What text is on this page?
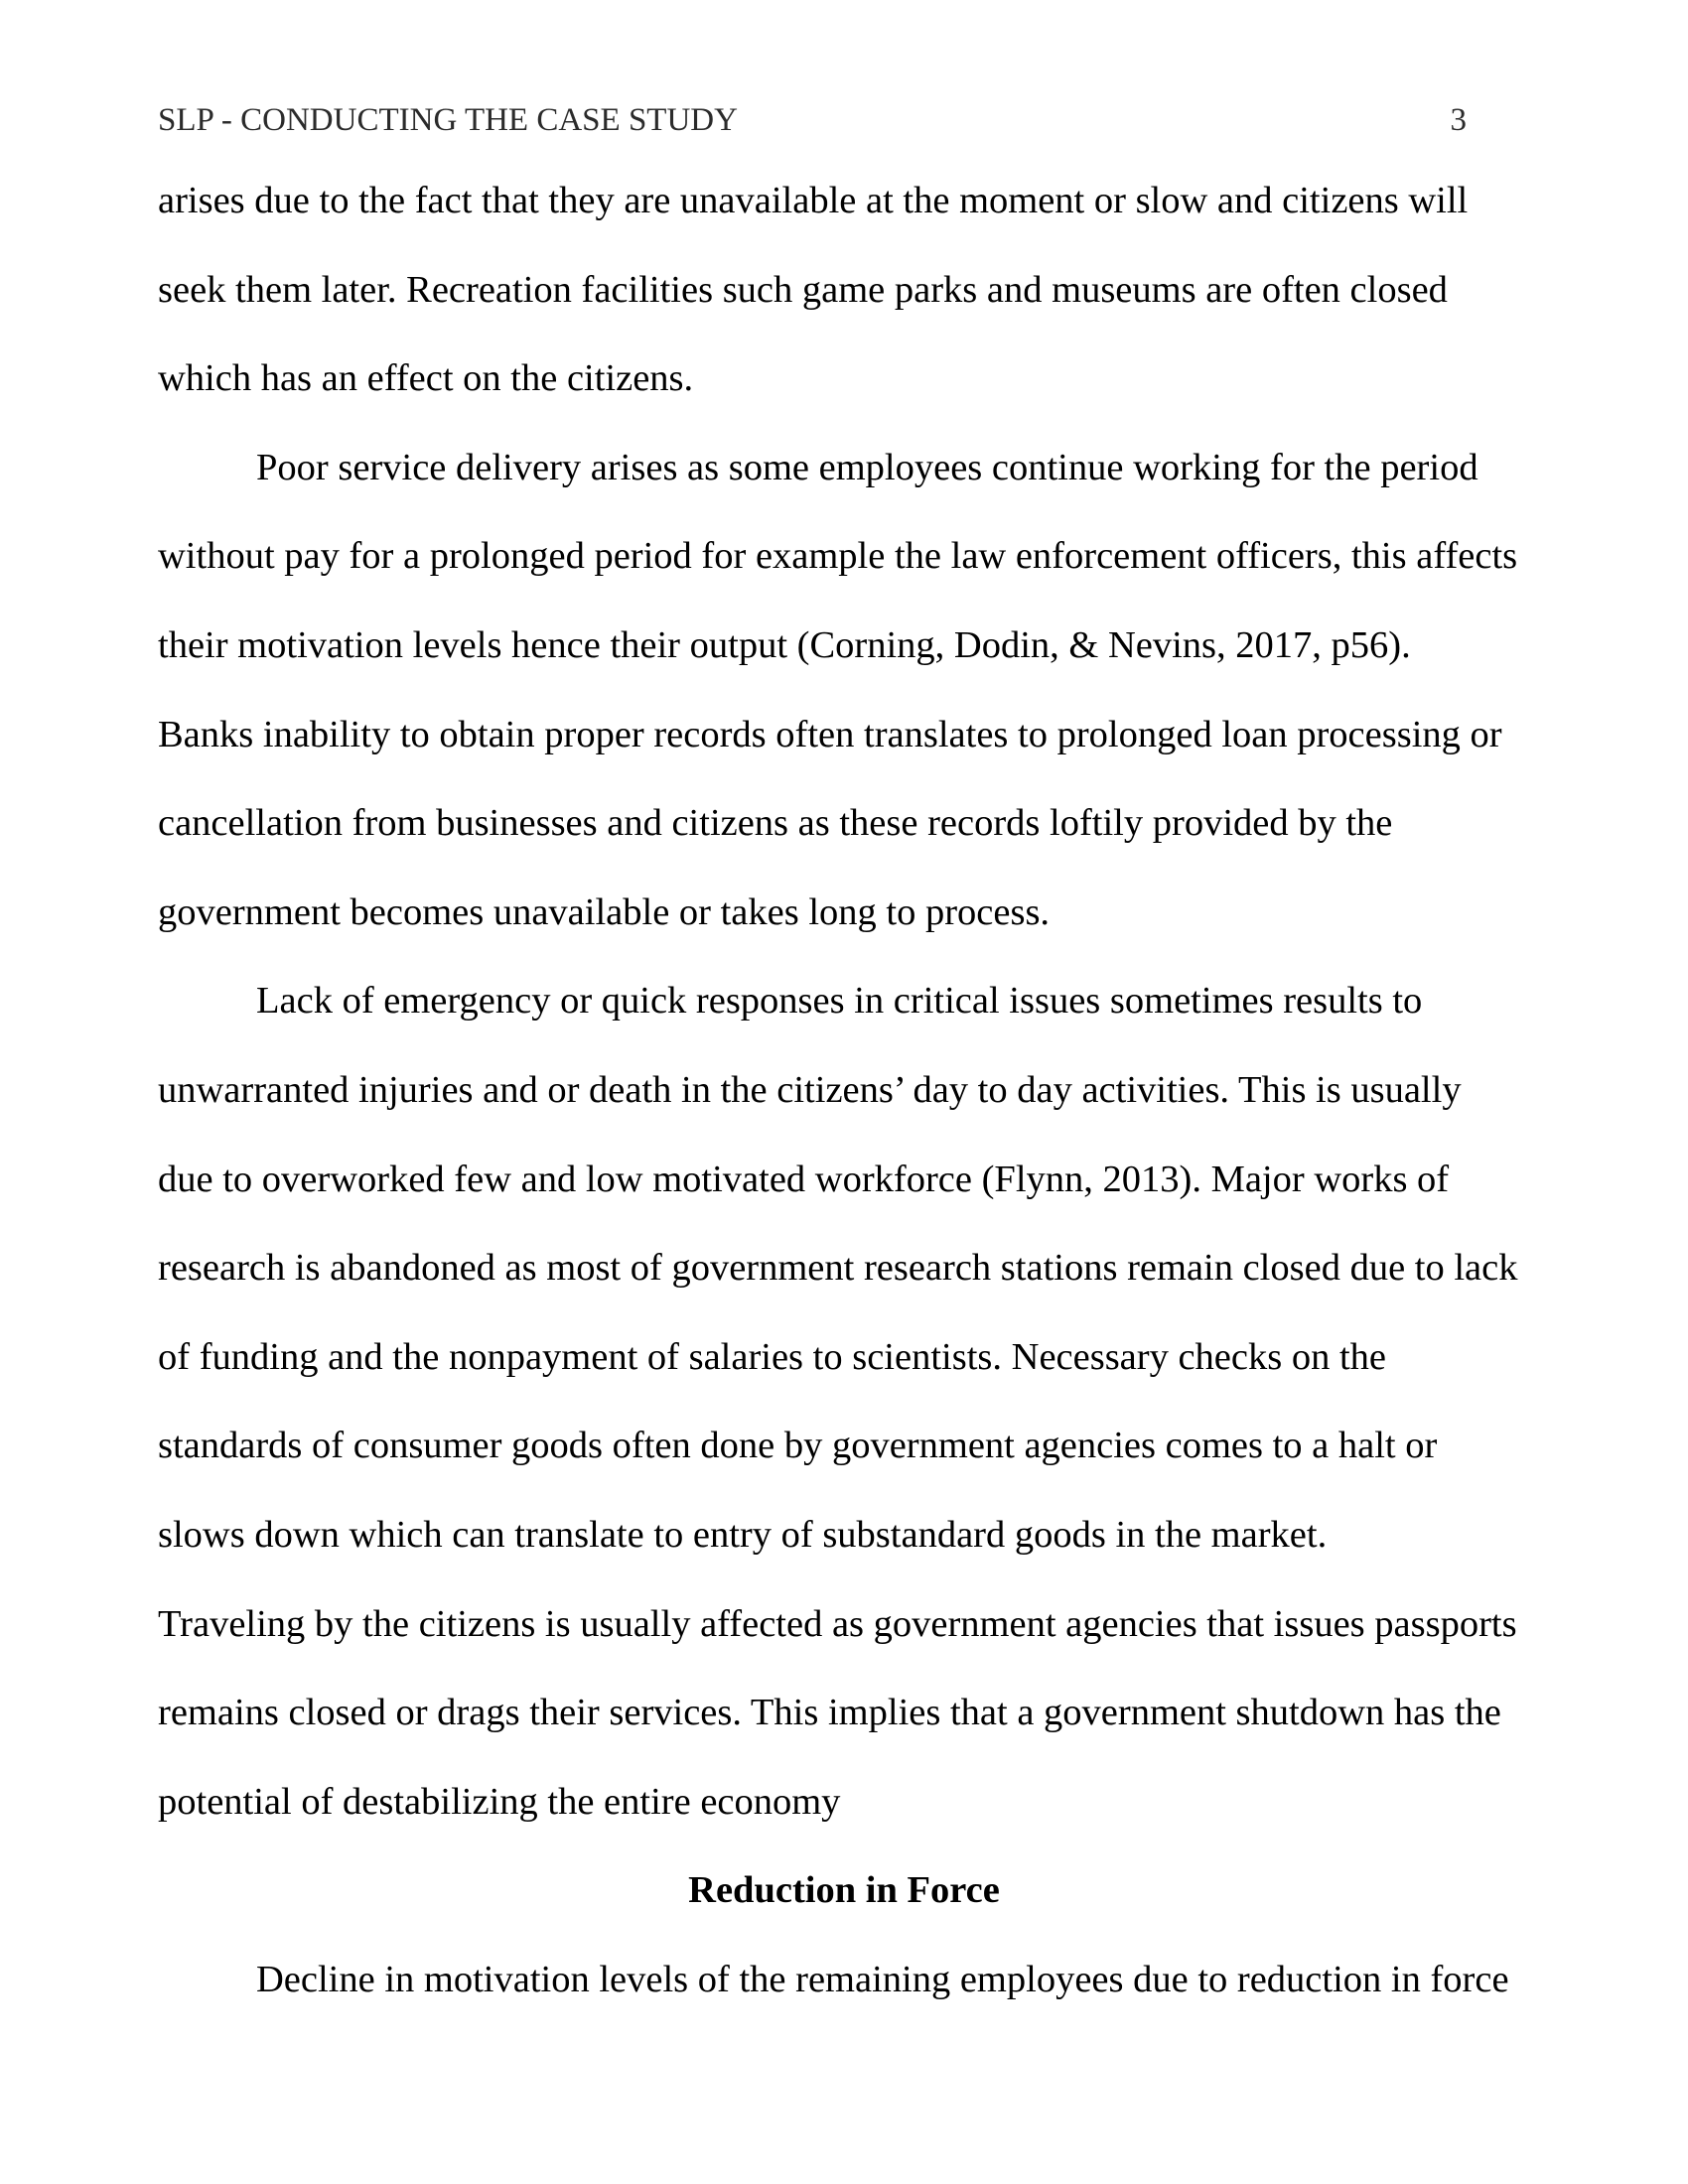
SLP - CONDUCTING THE CASE STUDY	3
arises due to the fact that they are unavailable at the moment or slow and citizens will
seek them later. Recreation facilities such game parks and museums are often closed
which has an effect on the citizens.
Poor service delivery arises as some employees continue working for the period
without pay for a prolonged period for example the law enforcement officers, this affects
their motivation levels hence their output (Corning, Dodin, & Nevins, 2017, p56).
Banks inability to obtain proper records often translates to prolonged loan processing or
cancellation from businesses and citizens as these records loftily provided by the
government becomes unavailable or takes long to process.
Lack of emergency or quick responses in critical issues sometimes results to
unwarranted injuries and or death in the citizens’ day to day activities. This is usually
due to overworked few and low motivated workforce (Flynn, 2013). Major works of
research is abandoned as most of government research stations remain closed due to lack
of funding and the nonpayment of salaries to scientists. Necessary checks on the
standards of consumer goods often done by government agencies comes to a halt or
slows down which can translate to entry of substandard goods in the market.
Traveling by the citizens is usually affected as government agencies that issues passports
remains closed or drags their services. This implies that a government shutdown has the
potential of destabilizing the entire economy
Reduction in Force
Decline in motivation levels of the remaining employees due to reduction in force
